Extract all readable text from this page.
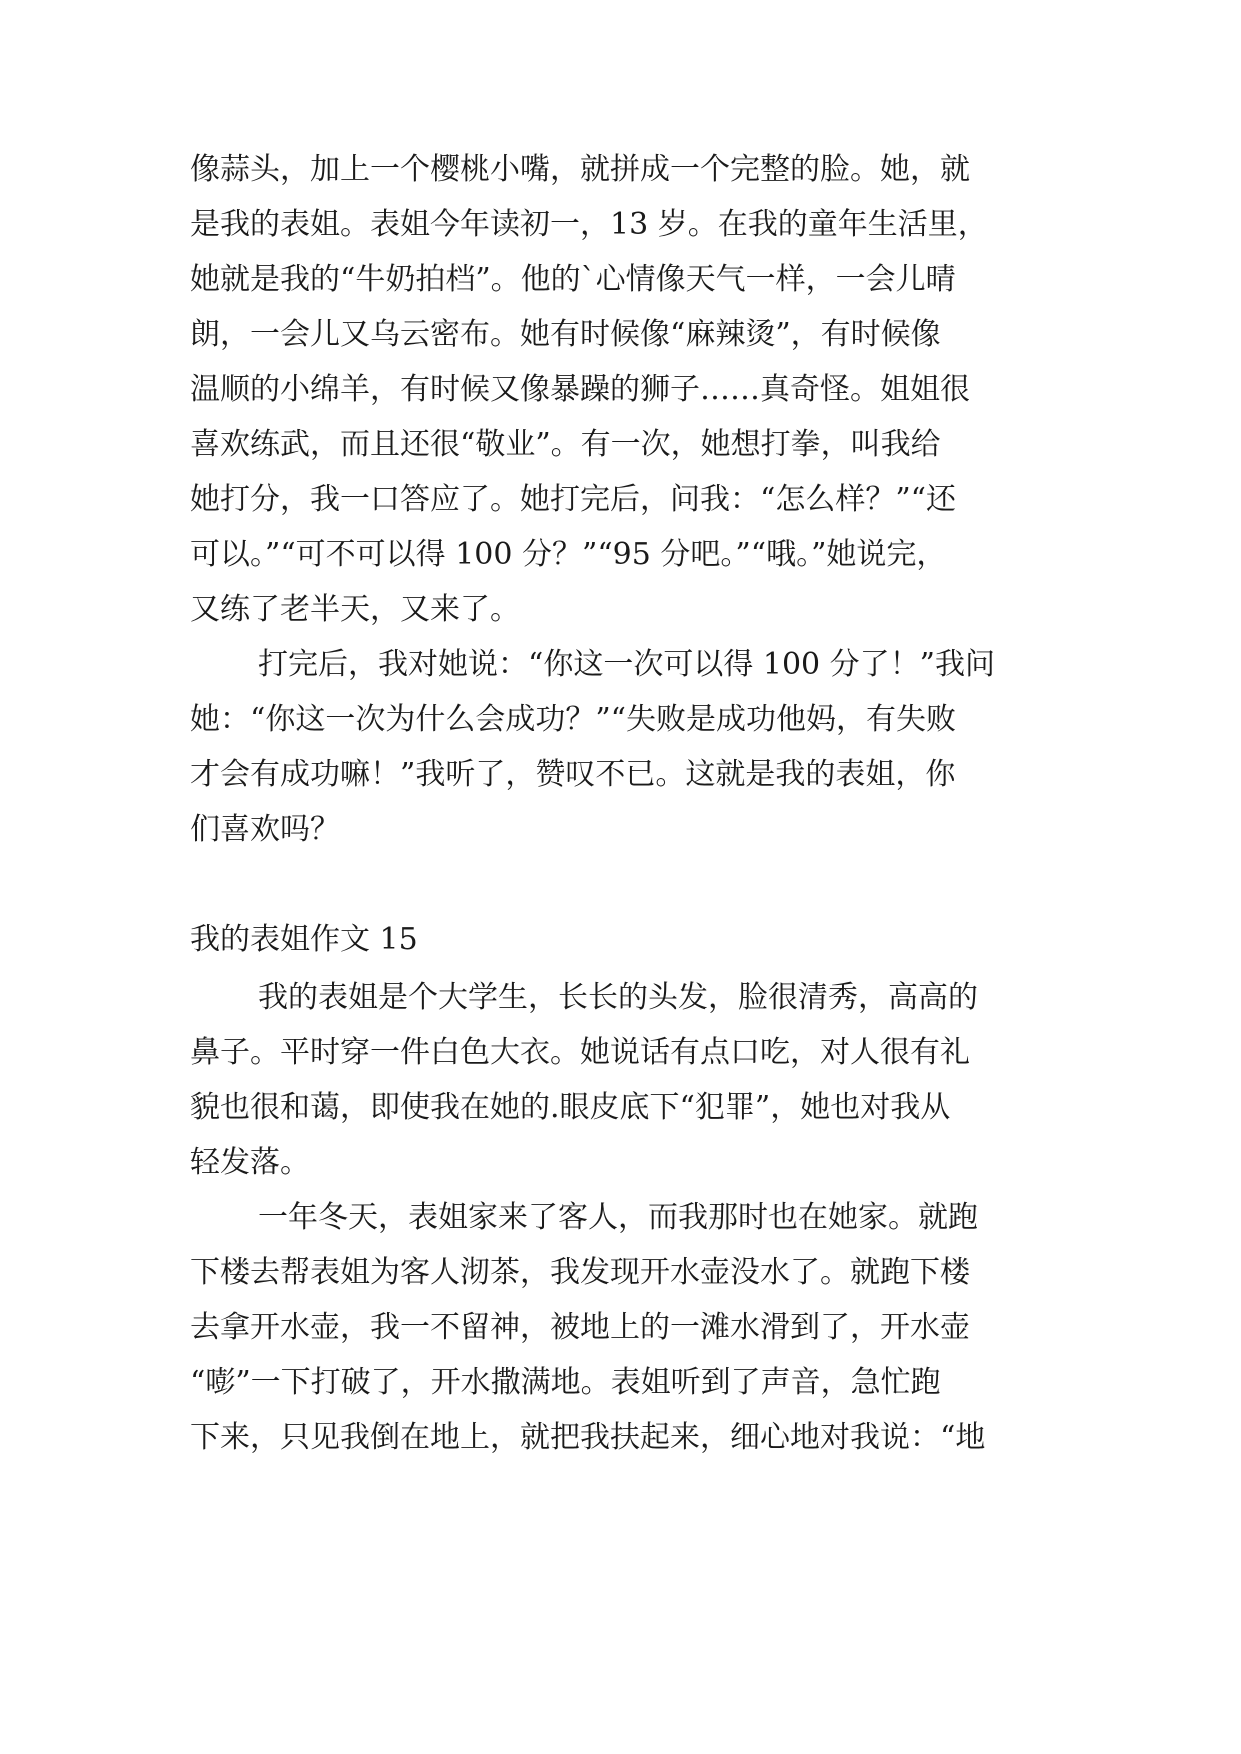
像蒜头，加上一个樱桃小嘴，就拼成一个完整的脸。她，就
是我的表姐。表姐今年读初一，13 岁。在我的童年生活里，
她就是我的“牛奶拍档”。他的`心情像天气一样，一会儿晴
朗，一会儿又乌云密布。她有时候像“麻辣烫”，有时候像
温顺的小绵羊，有时候又像暴躁的狮子……真奇怪。姐姐很
喜欢练武，而且还很“敬业”。有一次，她想打拳，叫我给
她打分，我一口答应了。她打完后，问我：“怎么样？”“还
可以。”“可不可以得 100 分？”“95 分吧。”“哦。”她说完，
又练了老半天，又来了。
打完后，我对她说：“你这一次可以得 100 分了！”我问
她：“你这一次为什么会成功？”“失败是成功他妈，有失败
才会有成功嘛！”我听了，赞叹不已。这就是我的表姐，你
们喜欢吗？
我的表姐作文 15
我的表姐是个大学生，长长的头发，脸很清秀，高高的
鼻子。平时穿一件白色大衣。她说话有点口吃，对人很有礼
貌也很和蔼，即使我在她的.眼皮底下“犯罪”，她也对我从
轻发落。
一年冬天，表姐家来了客人，而我那时也在她家。就跑
下楼去帮表姐为客人沏茶，我发现开水壶没水了。就跑下楼
去拿开水壶，我一不留神，被地上的一滩水滑到了，开水壶
“嘭”一下打破了，开水撒满地。表姐听到了声音，急忙跑
下来，只见我倒在地上，就把我扶起来，细心地对我说：“地
